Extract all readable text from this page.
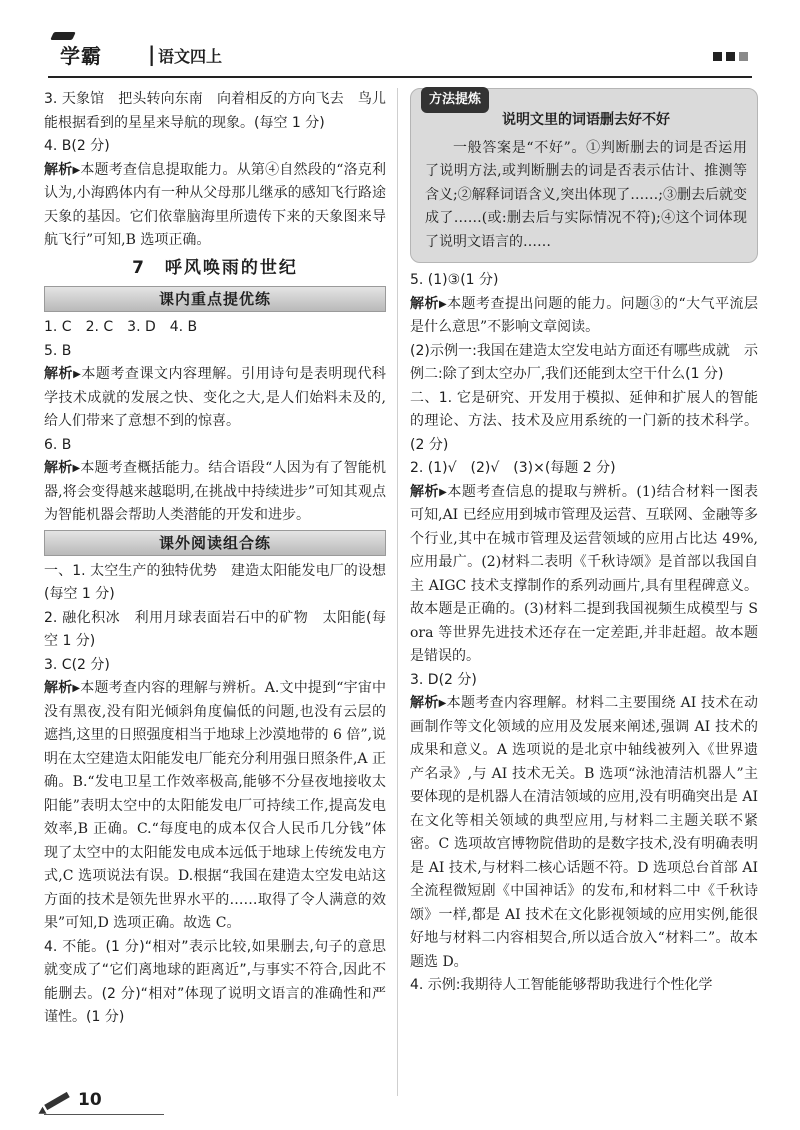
学霸 | 语文四上

3. 天象馆　把头转向东南　向着相反的方向飞去　鸟儿能根据看到的星星来导航的现象。(每空 1 分)

4. B(2 分)

解析▶本题考查信息提取能力。从第④自然段的“洛克利认为,小海鸥体内有一种从父母那儿继承的感知飞行路途天象的基因。它们依靠脑海里所遗传下来的天象图来导航飞行”可知,B 选项正确。

7　呼风唤雨的世纪
课内重点提优练

1. C　2. C　3. D　4. B

5. B

解析▶本题考查课文内容理解。引用诗句是表明现代科学技术成就的发展之快、变化之大,是人们始料未及的,给人们带来了意想不到的惊喜。

6. B

解析▶本题考查概括能力。结合语段“人因为有了智能机器,将会变得越来越聪明,在挑战中持续进步”可知其观点为智能机器会帮助人类潜能的开发和进步。

课外阅读组合练

一、1. 太空生产的独特优势　建造太阳能发电厂的设想(每空 1 分)

2. 融化积冰　利用月球表面岩石中的矿物　太阳能(每空 1 分)

3. C(2 分)

解析▶本题考查内容的理解与辨析。A.文中提到“宇宙中没有黑夜,没有阳光倾斜角度偏低的问题,也没有云层的遮挡,这里的日照强度相当于地球上沙漠地带的 6 倍”,说明在太空建造太阳能发电厂能充分利用强日照条件,A 正确。B.“发电卫星工作效率极高,能够不分昼夜地接收太阳能”表明太空中的太阳能发电厂可持续工作,提高发电效率,B 正确。C.“每度电的成本仅合人民币几分钱”体现了太空中的太阳能发电成本远低于地球上传统发电方式,C 选项说法有误。D.根据“我国在建造太空发电站这方面的技术是领先世界水平的……取得了令人满意的效果”可知,D 选项正确。故选 C。

4. 不能。(1 分)“相对”表示比较,如果删去,句子的意思就变成了“它们离地球的距离近”,与事实不符合,因此不能删去。(2 分)“相对”体现了说明文语言的准确性和严谨性。(1 分)

方法提炼
说明文里的词语删去好不好
一般答案是“不好”。①判断删去的词是否运用了说明方法,或判断删去的词是否表示估计、推测等含义;②解释词语含义,突出体现了……;③删去后就变成了……(或:删去后与实际情况不符);④这个词体现了说明文语言的……

5. (1)③(1 分)

解析▶本题考查提出问题的能力。问题③的“大气平流层是什么意思”不影响文章阅读。

(2)示例一:我国在建造太空发电站方面还有哪些成就　示例二:除了到太空办厂,我们还能到太空干什么(1 分)

二、1. 它是研究、开发用于模拟、延伸和扩展人的智能的理论、方法、技术及应用系统的一门新的技术科学。(2 分)

2. (1)√　(2)√　(3)×(每题 2 分)

解析▶本题考查信息的提取与辨析。(1)结合材料一图表可知,AI 已经应用到城市管理及运营、互联网、金融等多个行业,其中在城市管理及运营领域的应用占比达 49%,应用最广。(2)材料二表明《千秋诗颂》是首部以我国自主 AIGC 技术支撑制作的系列动画片,具有里程碑意义。故本题是正确的。(3)材料二提到我国视频生成模型与 Sora 等世界先进技术还存在一定差距,并非赶超。故本题是错误的。

3. D(2 分)

解析▶本题考查内容理解。材料二主要围绕 AI 技术在动画制作等文化领域的应用及发展来阐述,强调 AI 技术的成果和意义。A 选项说的是北京中轴线被列入《世界遗产名录》,与 AI 技术无关。B 选项“泳池清洁机器人”主要体现的是机器人在清洁领域的应用,没有明确突出是 AI 在文化等相关领域的典型应用,与材料二主题关联不紧密。C 选项故宫博物院借助的是数字技术,没有明确表明是 AI 技术,与材料二核心话题不符。D 选项总台首部 AI 全流程微短剧《中国神话》的发布,和材料二中《千秋诗颂》一样,都是 AI 技术在文化影视领域的应用实例,能很好地与材料二内容相契合,所以适合放入“材料二”。故本题选 D。

4. 示例:我期待人工智能能够帮助我进行个性化学

10
